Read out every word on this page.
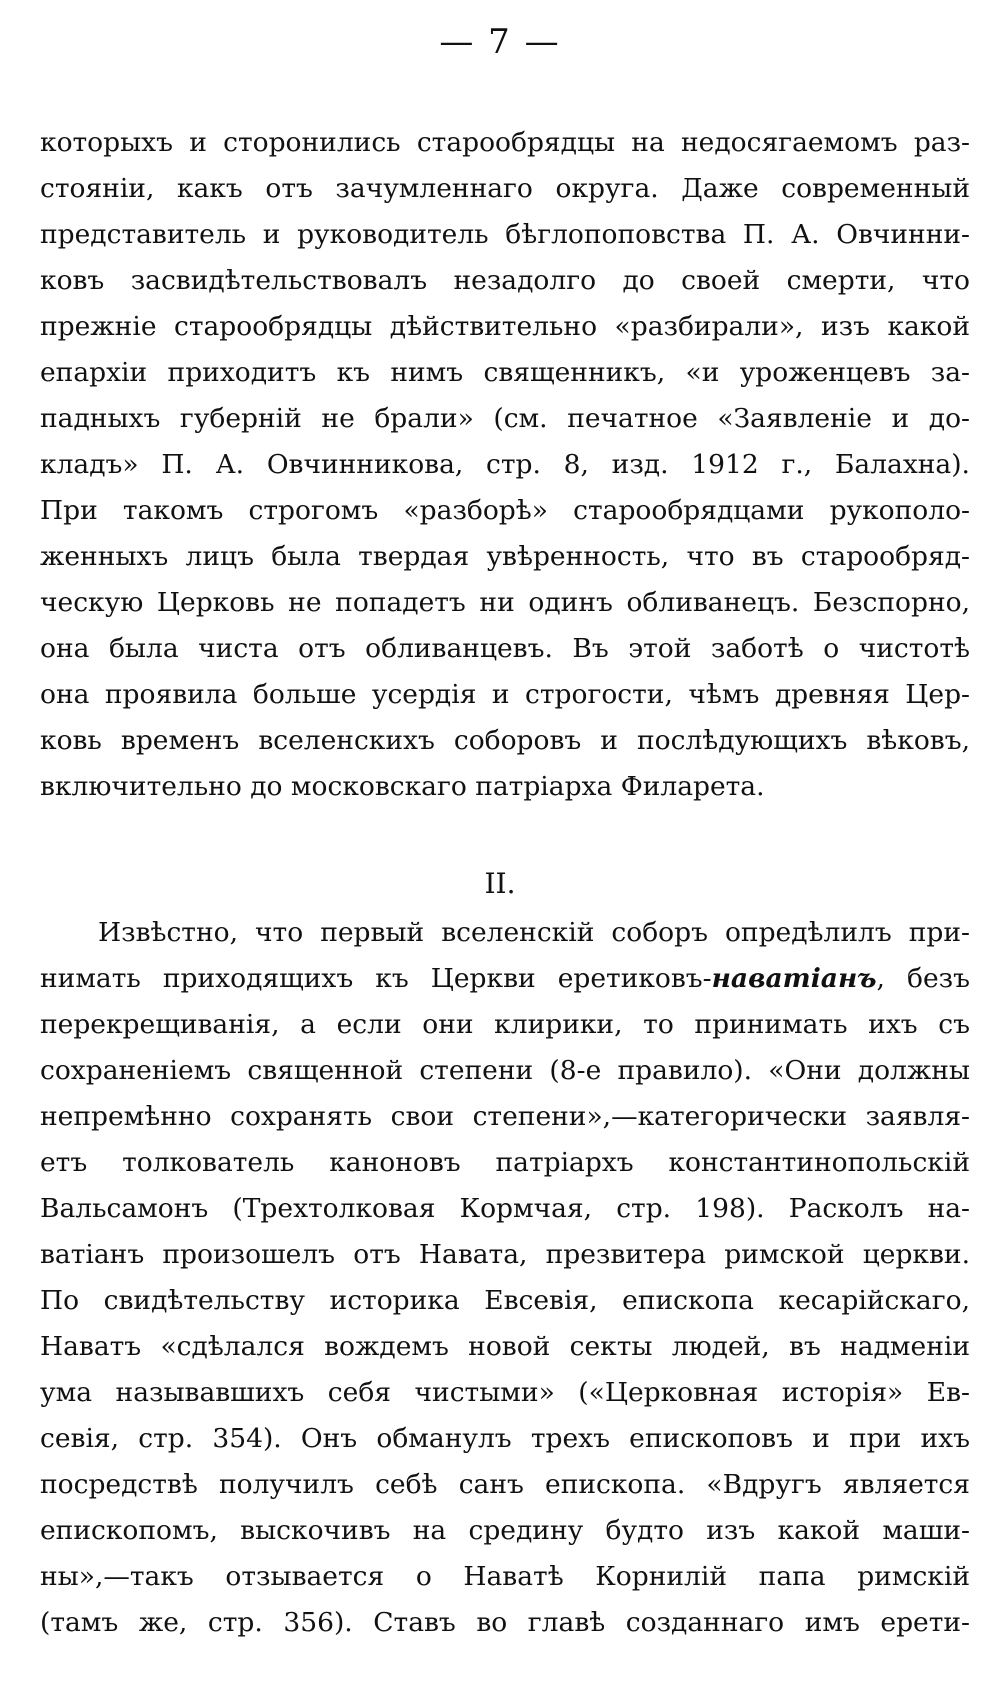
— 7 —
которыхъ и сторонились старообрядцы на недосягаемомъ раз-
стояніи, какъ отъ зачумленнаго округа. Даже современный
представитель и руководитель бѣглопоповства П. А. Овчинни-
ковъ засвидѣтельствовалъ незадолго до своей смерти, что
прежніе старообрядцы дѣйствительно «разбирали», изъ какой
епархіи приходитъ къ нимъ священникъ, «и уроженцевъ за-
падныхъ губерній не брали» (см. печатное «Заявленіе и до-
кладъ» П. А. Овчинникова, стр. 8, изд. 1912 г., Балахна).
При такомъ строгомъ «разборѣ» старообрядцами рукополо-
женныхъ лицъ была твердая увѣренность, что въ старообряд-
ческую Церковь не попадетъ ни одинъ обливанецъ. Безспорно,
она была чиста отъ обливанцевъ. Въ этой заботѣ о чистотѣ
она проявила больше усердія и строгости, чѣмъ древняя Цер-
ковь временъ вселенскихъ соборовъ и послѣдующихъ вѣковъ,
включительно до московскаго патріарха Филарета.
II.
Извѣстно, что первый вселенскій соборъ опредѣлилъ при-
нимать приходящихъ къ Церкви еретиковъ-наватіанъ, безъ
перекрещиванія, а если они клирики, то принимать ихъ съ
сохраненіемъ священной степени (8-е правило). «Они должны
непремѣнно сохранять свои степени»,—категорически заявля-
етъ толкователь каноновъ патріархъ константинопольскій
Вальсамонъ (Трехтолковая Кормчая, стр. 198). Расколъ на-
ватіанъ произошелъ отъ Навата, презвитера римской церкви.
По свидѣтельству историка Евсевія, епископа кесарійскаго,
Наватъ «сдѣлался вождемъ новой секты людей, въ надменіи
ума называвшихъ себя чистыми» («Церковная исторія» Ев-
севія, стр. 354). Онъ обманулъ трехъ епископовъ и при ихъ
посредствѣ получилъ себѣ санъ епископа. «Вдругъ является
епископомъ, выскочивъ на средину будто изъ какой маши-
ны»,—такъ отзывается о Наватѣ Корнилій папа римскій
(тамъ же, стр. 356). Ставъ во главѣ созданнаго имъ ерети-
